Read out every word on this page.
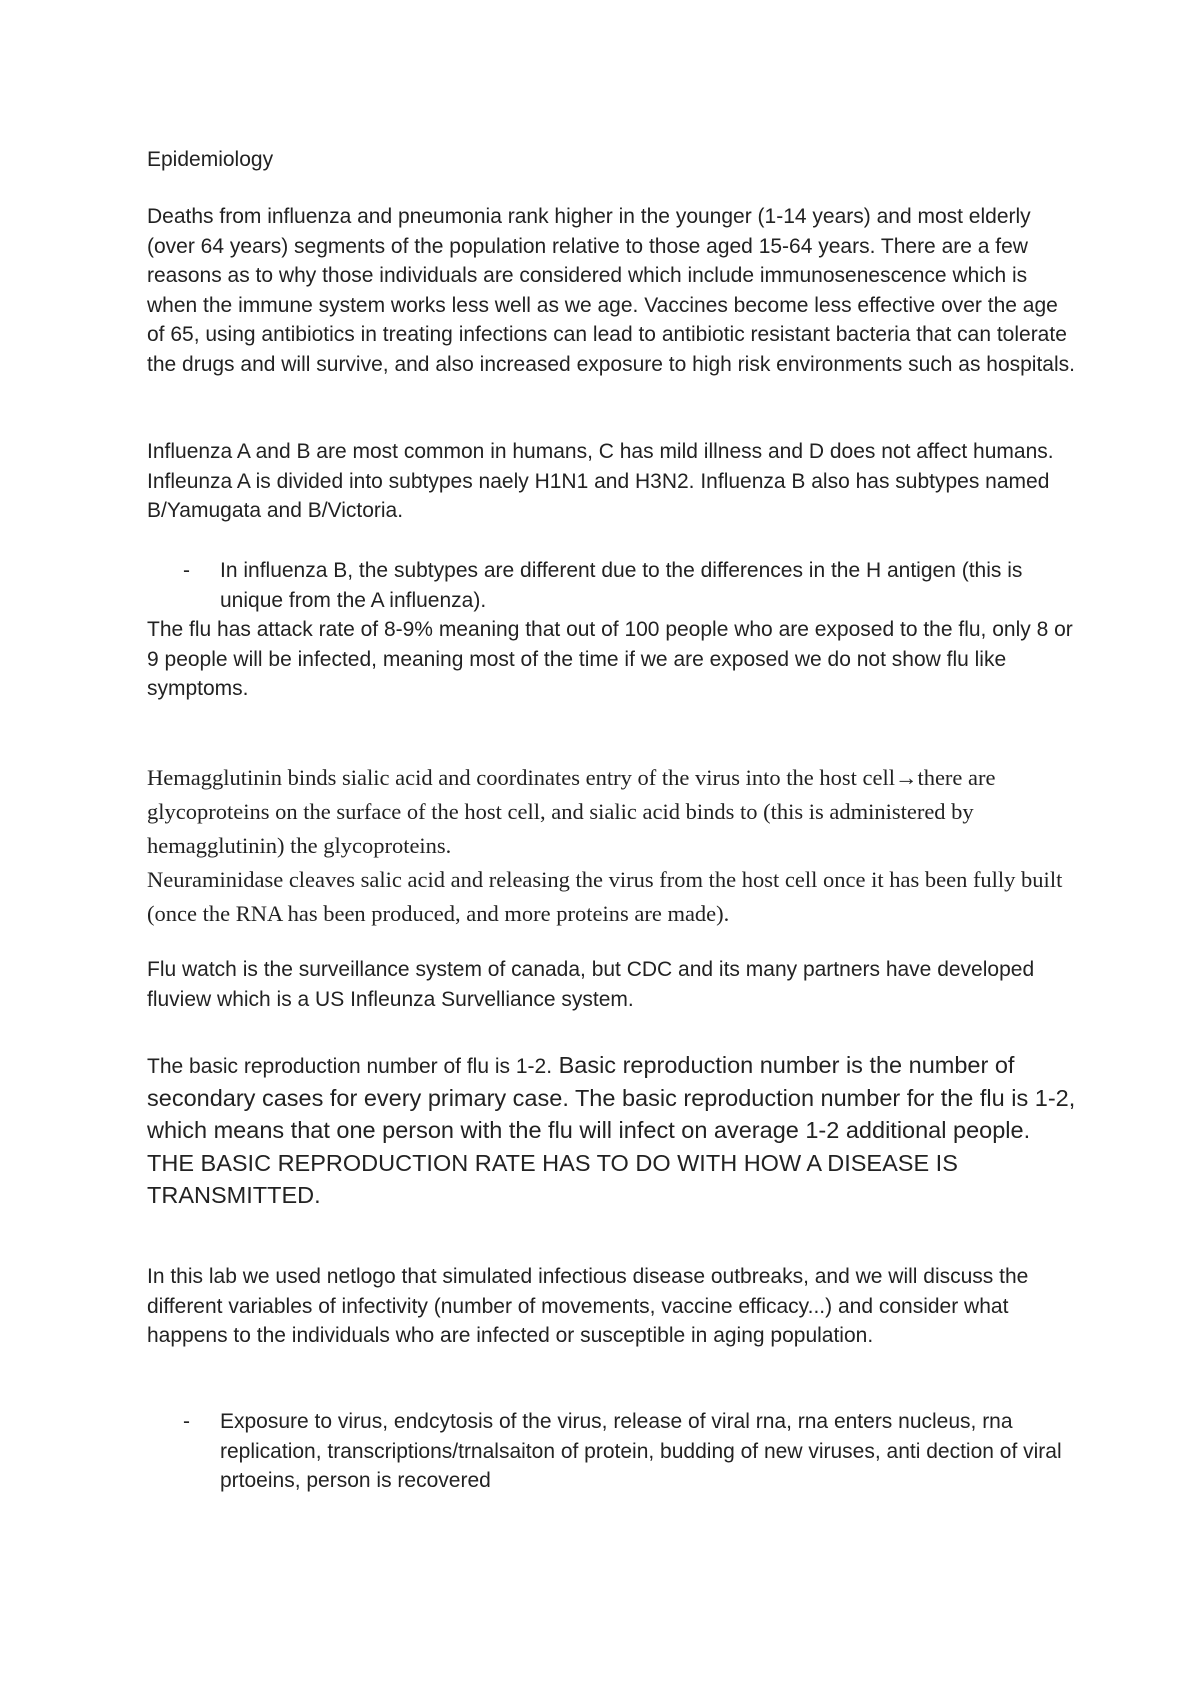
Epidemiology

Deaths from influenza and pneumonia rank higher in the younger (1-14 years) and most elderly (over 64 years) segments of the population relative to those aged 15-64 years. There are a few reasons as to why those individuals are considered which include immunosenescence which is when the immune system works less well as we age. Vaccines become less effective over the age of 65, using antibiotics in treating infections can lead to antibiotic resistant bacteria that can tolerate the drugs and will survive, and also increased exposure to high risk environments such as hospitals.

Influenza A and B are most common in humans, C has mild illness and D does not affect humans. Infleunza A is divided into subtypes naely H1N1 and H3N2. Influenza B also has subtypes named B/Yamugata and B/Victoria.

- In influenza B, the subtypes are different due to the differences in the H antigen (this is unique from the A influenza).

The flu has attack rate of 8-9% meaning that out of 100 people who are exposed to the flu, only 8 or 9 people will be infected, meaning most of the time if we are exposed we do not show flu like symptoms.

Hemagglutinin binds sialic acid and coordinates entry of the virus into the host cell→there are glycoproteins on the surface of the host cell, and sialic acid binds to (this is administered by hemagglutinin) the glycoproteins.

Neuraminidase cleaves salic acid and releasing the virus from the host cell once it has been fully built (once the RNA has been produced, and more proteins are made).

Flu watch is the surveillance system of canada, but CDC and its many partners have developed fluview which is a US Infleunza Survelliance system.

The basic reproduction number of flu is 1-2. Basic reproduction number is the number of secondary cases for every primary case. The basic reproduction number for the flu is 1-2, which means that one person with the flu will infect on average 1-2 additional people. THE BASIC REPRODUCTION RATE HAS TO DO WITH HOW A DISEASE IS TRANSMITTED.

In this lab we used netlogo that simulated infectious disease outbreaks, and we will discuss the different variables of infectivity (number of movements, vaccine efficacy...) and consider what happens to the individuals who are infected or susceptible in aging population.

- Exposure to virus, endcytosis of the virus, release of viral rna, rna enters nucleus, rna replication, transcriptions/trnalsaiton of protein, budding of new viruses, anti dection of viral prtoeins, person is recovered
